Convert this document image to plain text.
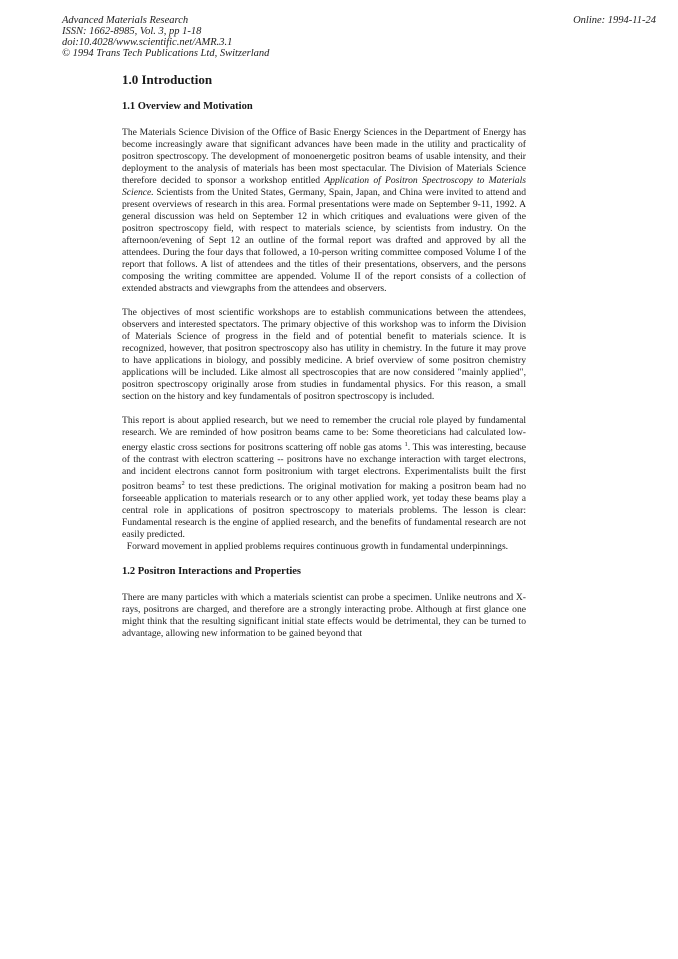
Advanced Materials Research
ISSN: 1662-8985, Vol. 3, pp 1-18
doi:10.4028/www.scientific.net/AMR.3.1
© 1994 Trans Tech Publications Ltd, Switzerland
Online: 1994-11-24
1.0 Introduction
1.1 Overview and Motivation

The Materials Science Division of the Office of Basic Energy Sciences in the Department of Energy has become increasingly aware that significant advances have been made in the utility and practicality of positron spectroscopy. The development of monoenergetic positron beams of usable intensity, and their deployment to the analysis of materials has been most spectacular. The Division of Materials Science therefore decided to sponsor a workshop entitled Application of Positron Spectroscopy to Materials Science. Scientists from the United States, Germany, Spain, Japan, and China were invited to attend and present overviews of research in this area. Formal presentations were made on September 9-11, 1992. A general discussion was held on September 12 in which critiques and evaluations were given of the positron spectroscopy field, with respect to materials science, by scientists from industry. On the afternoon/evening of Sept 12 an outline of the formal report was drafted and approved by all the attendees. During the four days that followed, a 10-person writing committee composed Volume I of the report that follows. A list of attendees and the titles of their presentations, observers, and the persons composing the writing committee are appended. Volume II of the report consists of a collection of extended abstracts and viewgraphs from the attendees and observers.

The objectives of most scientific workshops are to establish communications between the attendees, observers and interested spectators. The primary objective of this workshop was to inform the Division of Materials Science of progress in the field and of potential benefit to materials science. It is recognized, however, that positron spectroscopy also has utility in chemistry. In the future it may prove to have applications in biology, and possibly medicine. A brief overview of some positron chemistry applications will be included. Like almost all spectroscopies that are now considered "mainly applied", positron spectroscopy originally arose from studies in fundamental physics. For this reason, a small section on the history and key fundamentals of positron spectroscopy is included.

This report is about applied research, but we need to remember the crucial role played by fundamental research. We are reminded of how positron beams came to be: Some theoreticians had calculated low-energy elastic cross sections for positrons scattering off noble gas atoms $^1$. This was interesting, because of the contrast with electron scattering -- positrons have no exchange interaction with target electrons, and incident electrons cannot form positronium with target electrons. Experimentalists built the first positron beams$^2$ to test these predictions. The original motivation for making a positron beam had no forseeable application to materials research or to any other applied work, yet today these beams play a central role in applications of positron spectroscopy to materials problems. The lesson is clear: Fundamental research is the engine of applied research, and the benefits of fundamental research are not easily predicted.
Forward movement in applied problems requires continuous growth in fundamental underpinnings.

1.2 Positron Interactions and Properties

There are many particles with which a materials scientist can probe a specimen. Unlike neutrons and X-rays, positrons are charged, and therefore are a strongly interacting probe. Although at first glance one might think that the resulting significant initial state effects would be detrimental, they can be turned to advantage, allowing new information to be gained beyond that
